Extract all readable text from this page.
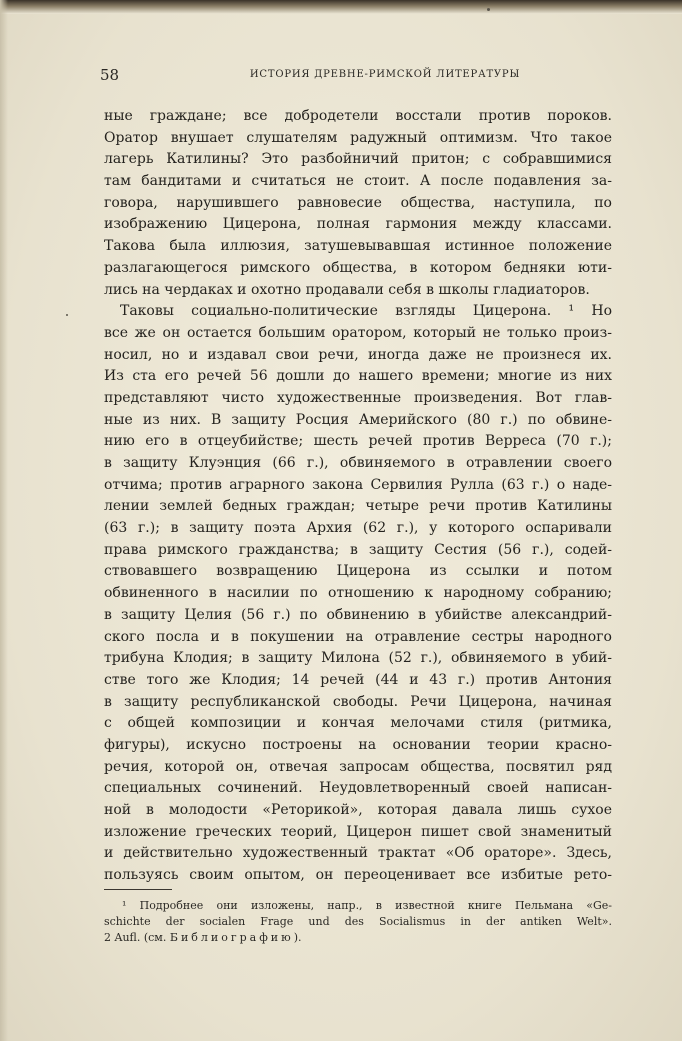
58	ИСТОРИЯ ДРЕВНЕ-РИМСКОЙ ЛИТЕРАТУРЫ
ные граждане; все добродетели восстали против пороков.
Оратор внушает слушателям радужный оптимизм. Что такое
лагерь Катилины? Это разбойничий притон; с собравшимися
там бандитами и считаться не стоит. А после подавления за-
говора, нарушившего равновесие общества, наступила, по
изображению Цицерона, полная гармония между классами.
Такова была иллюзия, затушевывавшая истинное положение
разлагающегося римского общества, в котором бедняки юти-
лись на чердаках и охотно продавали себя в школы гладиаторов.
Таковы социально-политические взгляды Цицерона. ¹ Но
все же он остается большим оратором, который не только произ-
носил, но и издавал свои речи, иногда даже не произнеся их.
Из ста его речей 56 дошли до нашего времени; многие из них
представляют чисто художественные произведения. Вот глав-
ные из них. В защиту Росция Америйского (80 г.) по обвине-
нию его в отцеубийстве; шесть речей против Верреса (70 г.);
в защиту Клуэнция (66 г.), обвиняемого в отравлении своего
отчима; против аграрного закона Сервилия Рулла (63 г.) о наде-
лении землей бедных граждан; четыре речи против Катилины
(63 г.); в защиту поэта Архия (62 г.), у которого оспаривали
права римского гражданства; в защиту Сестия (56 г.), содей-
ствовавшего возвращению Цицерона из ссылки и потом
обвиненного в насилии по отношению к народному собранию;
в защиту Целия (56 г.) по обвинению в убийстве александрий-
ского посла и в покушении на отравление сестры народного
трибуна Клодия; в защиту Милона (52 г.), обвиняемого в убий-
стве того же Клодия; 14 речей (44 и 43 г.) против Антония
в защиту республиканской свободы. Речи Цицерона, начиная
с общей композиции и кончая мелочами стиля (ритмика,
фигуры), искусно построены на основании теории красно-
речия, которой он, отвечая запросам общества, посвятил ряд
специальных сочинений. Неудовлетворенный своей написан-
ной в молодости «Реторикой», которая давала лишь сухое
изложение греческих теорий, Цицерон пишет свой знаменитый
и действительно художественный трактат «Об ораторе». Здесь,
пользуясь своим опытом, он переоценивает все избитые рето-
¹ Подробнее они изложены, напр., в известной книге Пельмана «Ge-
schichte der socialen Frage und des Socialismus in der antiken Welt».
2 Aufl. (см. Библиографию).
